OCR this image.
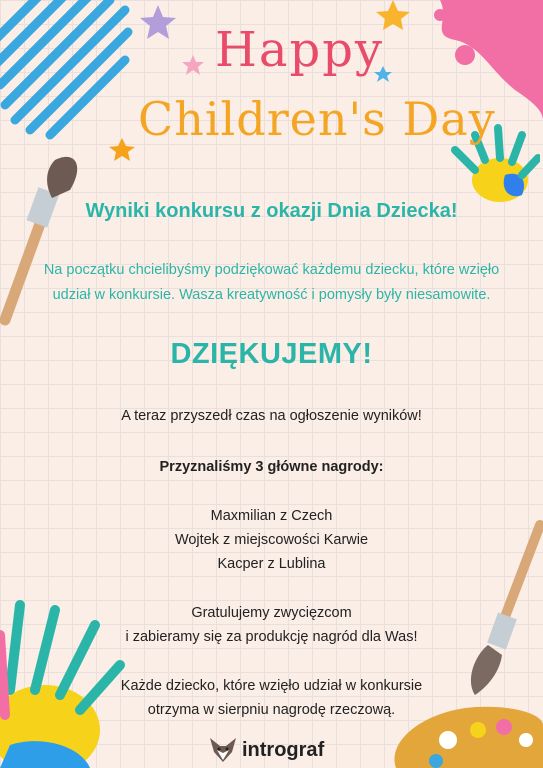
Happy
Children's Day
Wyniki konkursu z okazji Dnia Dziecka!
Na początku chcielibyśmy podziękować każdemu dziecku, które wzięło
udział w konkursie. Wasza kreatywność i pomysły były niesamowite.
DZIĘKUJEMY!
A teraz przyszedł czas na ogłoszenie wyników!
Przyznaliśmy 3 główne nagrody:
Maxmilian z Czech
Wojtek z miejscowości Karwie
Kacper z Lublina
Gratulujemy zwycięzcom
i zabieramy się za produkcję nagród dla Was!
Każde dziecko, które wzięło udział w konkursie
otrzyma w sierpniu nagrodę rzeczową.
intrograf
